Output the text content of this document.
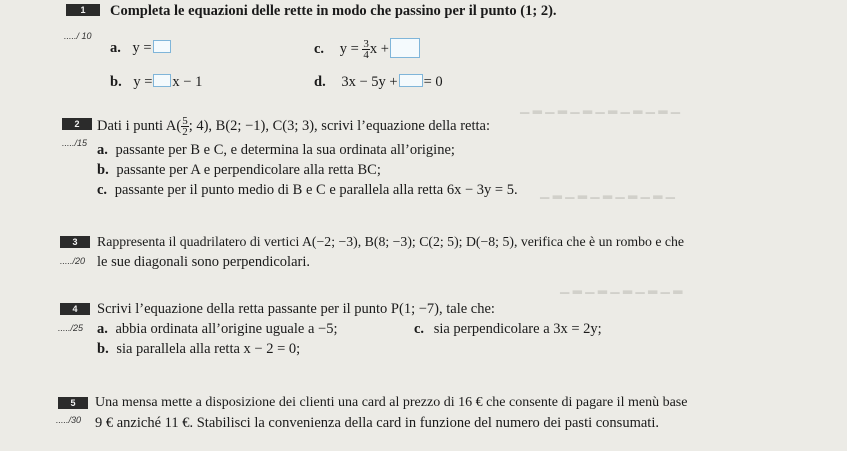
▁ ▂ ▁ ▂ ▁ ▂ ▁ ▂ ▁ ▂ ▁ ▂ ▁
▁ ▂ ▁ ▂ ▁ ▂ ▁ ▂ ▁ ▂ ▁
▁ ▂ ▁ ▂ ▁ ▂ ▁ ▂ ▁ ▂
1
...../ 10
Completa le equazioni delle rette in modo che passino per il punto (1; 2).
a. y =	c. $y = \frac{3}{4}$ x +
b. y = x − 1	d. 3x − 5y + = 0
2
...../15
Dati i punti $A( \frac{5}{2}$ ; 4), B(2; −1), C(3; 3), scrivi l’equazione della retta:
a. passante per B e C, e determina la sua ordinata all’origine;
b. passante per A e perpendicolare alla retta BC;
c. passante per il punto medio di B e C e parallela alla retta 6x − 3y = 5.
3
...../20
Rappresenta il quadrilatero di vertici A(−2; −3), B(8; −3); C(2; 5); D(−8; 5), verifica che è un rombo e che
le sue diagonali sono perpendicolari.
4
...../25
Scrivi l’equazione della retta passante per il punto P(1; −7), tale che:
a. abbia ordinata all’origine uguale a −5;	c. sia perpendicolare a 3x = 2y;
b. sia parallela alla retta x − 2 = 0;
5
...../30
Una mensa mette a disposizione dei clienti una card al prezzo di 16 € che consente di pagare il menù base
9 € anziché 11 €. Stabilisci la convenienza della card in funzione del numero dei pasti consumati.
